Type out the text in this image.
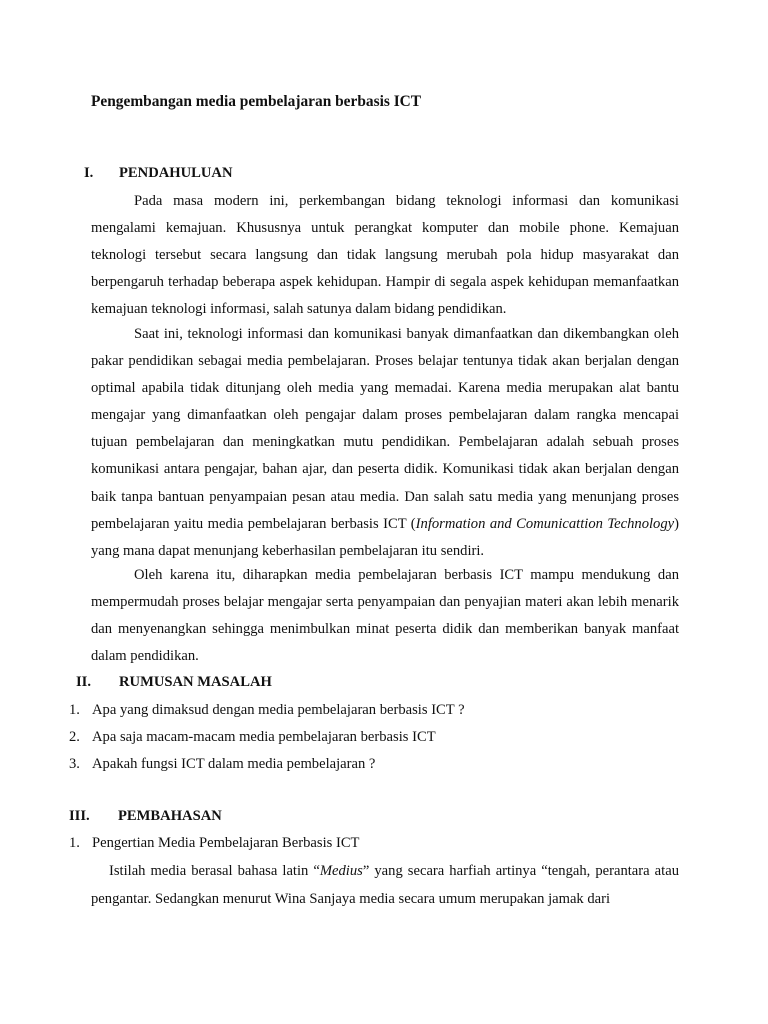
Pengembangan media pembelajaran berbasis ICT
I. PENDAHULUAN

Pada masa modern ini, perkembangan bidang teknologi informasi dan komunikasi mengalami kemajuan. Khususnya untuk perangkat komputer dan mobile phone. Kemajuan teknologi tersebut secara langsung dan tidak langsung merubah pola hidup masyarakat dan berpengaruh terhadap beberapa aspek kehidupan. Hampir di segala aspek kehidupan memanfaatkan kemajuan teknologi informasi, salah satunya dalam bidang pendidikan.

Saat ini, teknologi informasi dan komunikasi banyak dimanfaatkan dan dikembangkan oleh pakar pendidikan sebagai media pembelajaran. Proses belajar tentunya tidak akan berjalan dengan optimal apabila tidak ditunjang oleh media yang memadai. Karena media merupakan alat bantu mengajar yang dimanfaatkan oleh pengajar dalam proses pembelajaran dalam rangka mencapai tujuan pembelajaran dan meningkatkan mutu pendidikan. Pembelajaran adalah sebuah proses komunikasi antara pengajar, bahan ajar, dan peserta didik. Komunikasi tidak akan berjalan dengan baik tanpa bantuan penyampaian pesan atau media. Dan salah satu media yang menunjang proses pembelajaran yaitu media pembelajaran berbasis ICT (Information and Comunicattion Technology) yang mana dapat menunjang keberhasilan pembelajaran itu sendiri.

Oleh karena itu, diharapkan media pembelajaran berbasis ICT mampu mendukung dan mempermudah proses belajar mengajar serta penyampaian dan penyajian materi akan lebih menarik dan menyenangkan sehingga menimbulkan minat peserta didik dan memberikan banyak manfaat dalam pendidikan.

II. RUMUSAN MASALAH

1. Apa yang dimaksud dengan media pembelajaran berbasis ICT ?

2. Apa saja macam-macam media pembelajaran berbasis ICT

3. Apakah fungsi ICT dalam media pembelajaran ?

III. PEMBAHASAN

1. Pengertian Media Pembelajaran Berbasis ICT

Istilah media berasal bahasa latin “Medius” yang secara harfiah artinya “tengah, perantara atau pengantar. Sedangkan menurut Wina Sanjaya media secara umum merupakan jamak dari
